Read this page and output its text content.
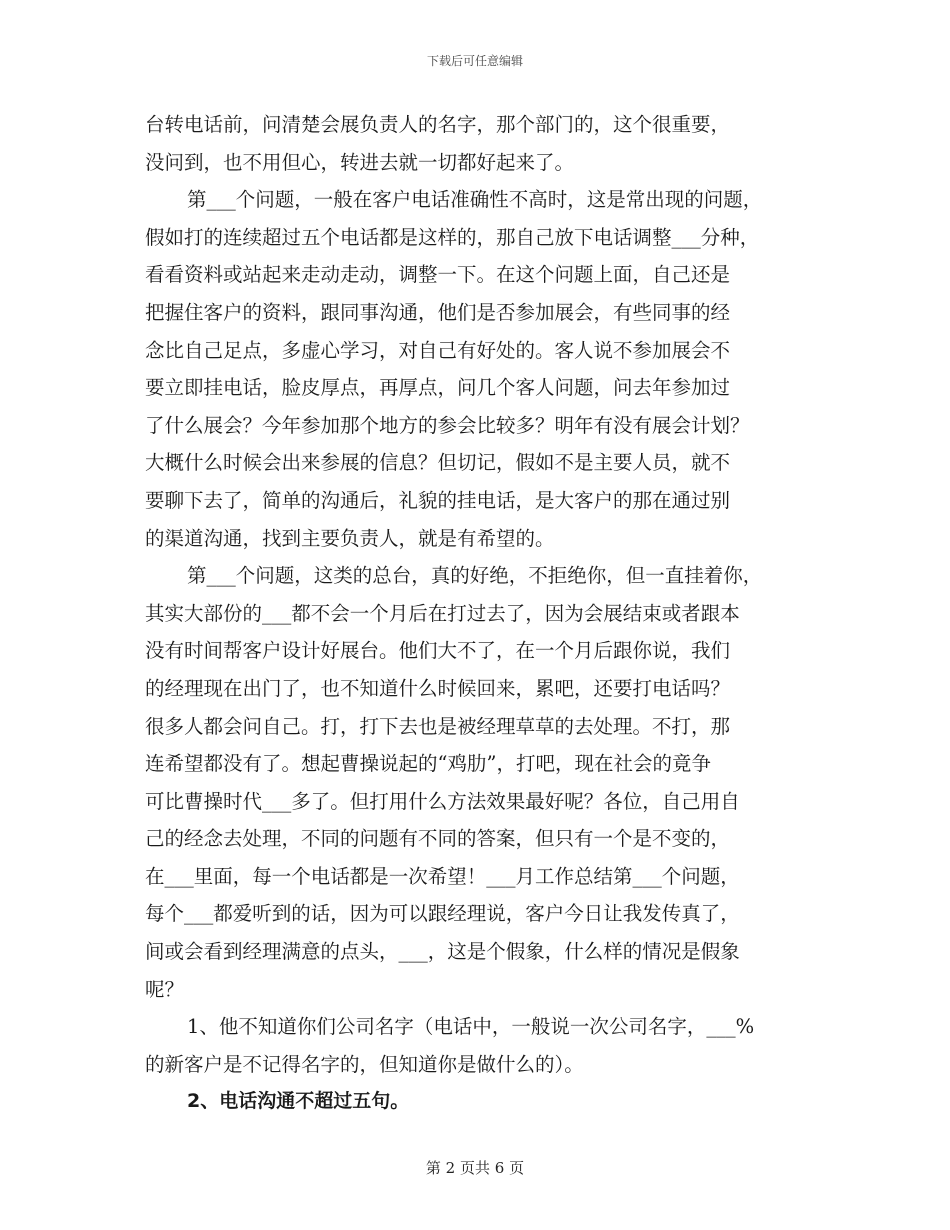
下载后可任意编辑
台转电话前，问清楚会展负责人的名字，那个部门的，这个很重要，
没问到，也不用但心，转进去就一切都好起来了。
第___个问题，一般在客户电话准确性不高时，这是常出现的问题，
假如打的连续超过五个电话都是这样的，那自己放下电话调整___分种，
看看资料或站起来走动走动，调整一下。在这个问题上面，自己还是
把握住客户的资料，跟同事沟通，他们是否参加展会，有些同事的经
念比自己足点，多虚心学习，对自己有好处的。客人说不参加展会不
要立即挂电话，脸皮厚点，再厚点，问几个客人问题，问去年参加过
了什么展会？今年参加那个地方的参会比较多？明年有没有展会计划？
大概什么时候会出来参展的信息？但切记，假如不是主要人员，就不
要聊下去了，简单的沟通后，礼貌的挂电话，是大客户的那在通过别
的渠道沟通，找到主要负责人，就是有希望的。
第___个问题，这类的总台，真的好绝，不拒绝你，但一直挂着你，
其实大部份的___都不会一个月后在打过去了，因为会展结束或者跟本
没有时间帮客户设计好展台。他们大不了，在一个月后跟你说，我们
的经理现在出门了，也不知道什么时候回来，累吧，还要打电话吗？
很多人都会问自己。打，打下去也是被经理草草的去处理。不打，那
连希望都没有了。想起曹操说起的“鸡肋”，打吧，现在社会的竟争
可比曹操时代___多了。但打用什么方法效果最好呢？各位，自己用自
己的经念去处理，不同的问题有不同的答案，但只有一个是不变的，
在___里面，每一个电话都是一次希望！___月工作总结第___个问题，
每个___都爱听到的话，因为可以跟经理说，客户今日让我发传真了，
间或会看到经理满意的点头，___，这是个假象，什么样的情况是假象
呢？
1、他不知道你们公司名字（电话中，一般说一次公司名字，___%
的新客户是不记得名字的，但知道你是做什么的）。
2、电话沟通不超过五句。
第 2 页共 6 页
